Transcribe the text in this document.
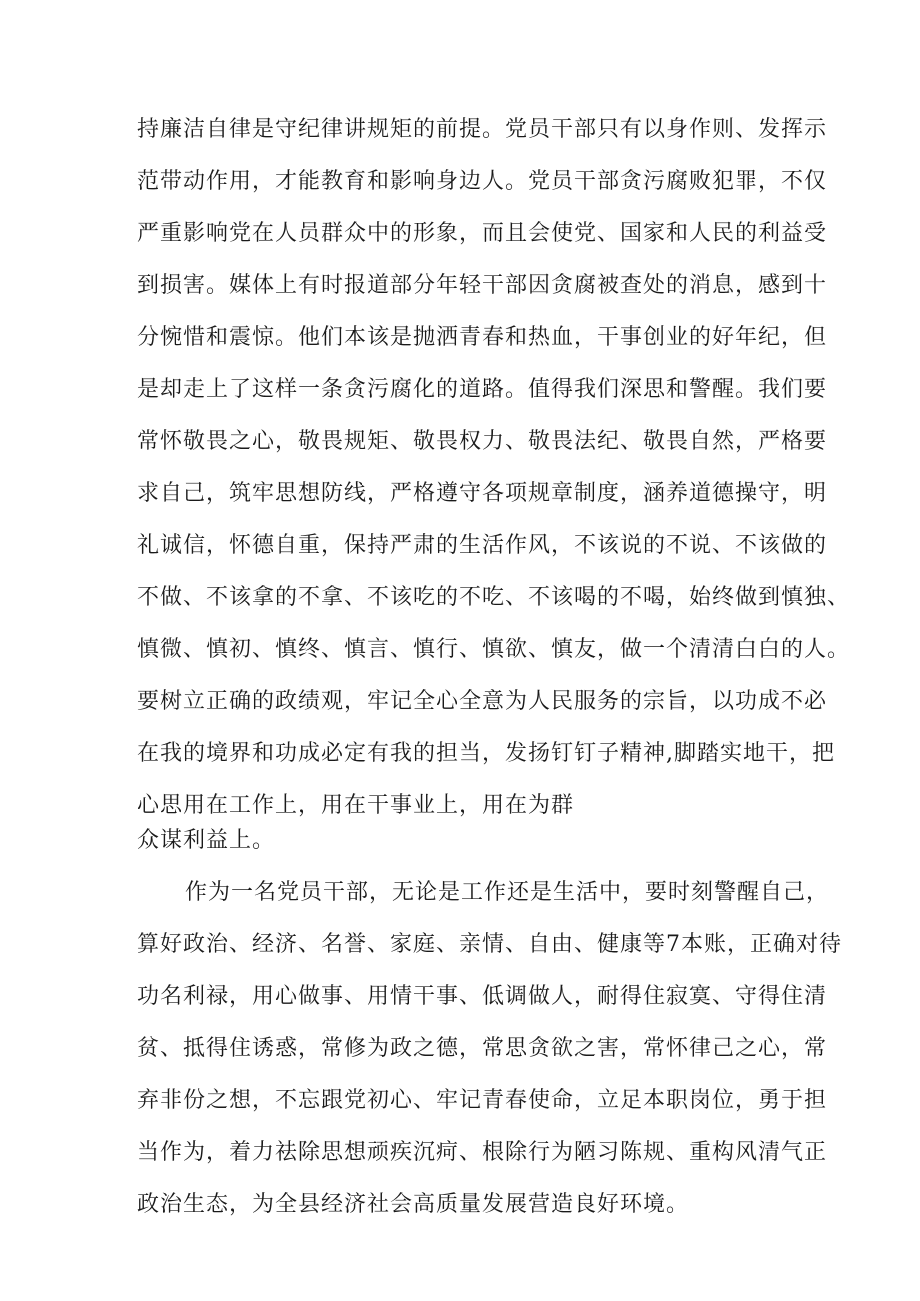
持廉洁自律是守纪律讲规矩的前提。党员干部只有以身作则、发挥示
范带动作用，才能教育和影响身边人。党员干部贪污腐败犯罪，不仅
严重影响党在人员群众中的形象，而且会使党、国家和人民的利益受
到损害。媒体上有时报道部分年轻干部因贪腐被查处的消息，感到十
分惋惜和震惊。他们本该是抛洒青春和热血，干事创业的好年纪，但
是却走上了这样一条贪污腐化的道路。值得我们深思和警醒。我们要
常怀敬畏之心，敬畏规矩、敬畏权力、敬畏法纪、敬畏自然，严格要
求自己，筑牢思想防线，严格遵守各项规章制度，涵养道德操守，明
礼诚信，怀德自重，保持严肃的生活作风，不该说的不说、不该做的
不做、不该拿的不拿、不该吃的不吃、不该喝的不喝，始终做到慎独、
慎微、慎初、慎终、慎言、慎行、慎欲、慎友，做一个清清白白的人。
要树立正确的政绩观，牢记全心全意为人民服务的宗旨，以功成不必
在我的境界和功成必定有我的担当，发扬钉钉子精神,脚踏实地干，把
心思用在工作上，用在干事业上，用在为群
众谋利益上。
作为一名党员干部，无论是工作还是生活中，要时刻警醒自己，
算好政治、经济、名誉、家庭、亲情、自由、健康等7本账，正确对待
功名利禄，用心做事、用情干事、低调做人，耐得住寂寞、守得住清
贫、抵得住诱惑，常修为政之德，常思贪欲之害，常怀律己之心，常
弃非份之想，不忘跟党初心、牢记青春使命，立足本职岗位，勇于担
当作为，着力祛除思想顽疾沉疴、根除行为陋习陈规、重构风清气正
政治生态，为全县经济社会高质量发展营造良好环境。
